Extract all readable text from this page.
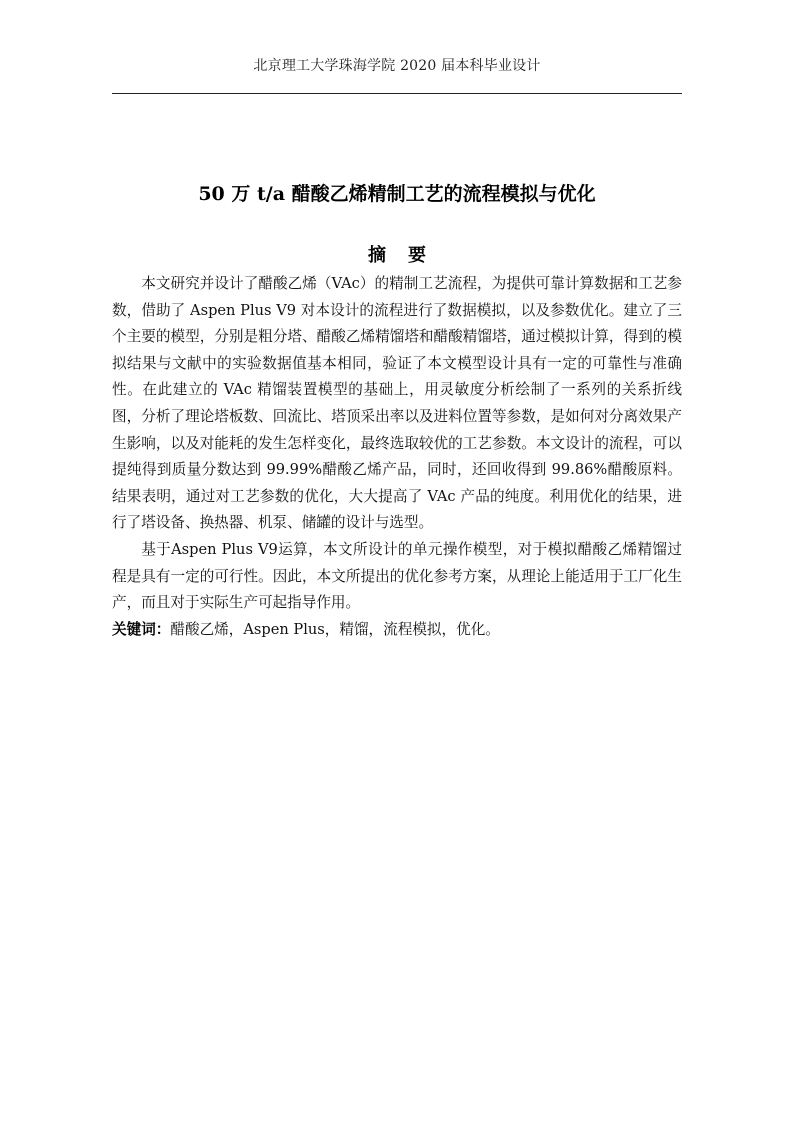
北京理工大学珠海学院 2020 届本科毕业设计
50 万 t/a 醋酸乙烯精制工艺的流程模拟与优化
摘要

本文研究并设计了醋酸乙烯（VAc）的精制工艺流程，为提供可靠计算数据和工艺参数，借助了 Aspen Plus V9 对本设计的流程进行了数据模拟，以及参数优化。建立了三个主要的模型，分别是粗分塔、醋酸乙烯精馏塔和醋酸精馏塔，通过模拟计算，得到的模拟结果与文献中的实验数据值基本相同，验证了本文模型设计具有一定的可靠性与准确性。在此建立的 VAc 精馏装置模型的基础上，用灵敏度分析绘制了一系列的关系折线图，分析了理论塔板数、回流比、塔顶采出率以及进料位置等参数，是如何对分离效果产生影响，以及对能耗的发生怎样变化，最终选取较优的工艺参数。本文设计的流程，可以提纯得到质量分数达到 99.99%醋酸乙烯产品，同时，还回收得到 99.86%醋酸原料。结果表明，通过对工艺参数的优化，大大提高了 VAc 产品的纯度。利用优化的结果，进行了塔设备、换热器、机泵、储罐的设计与选型。

基于Aspen Plus V9运算，本文所设计的单元操作模型，对于模拟醋酸乙烯精馏过程是具有一定的可行性。因此，本文所提出的优化参考方案，从理论上能适用于工厂化生产，而且对于实际生产可起指导作用。

关键词：醋酸乙烯，Aspen Plus，精馏，流程模拟，优化。
